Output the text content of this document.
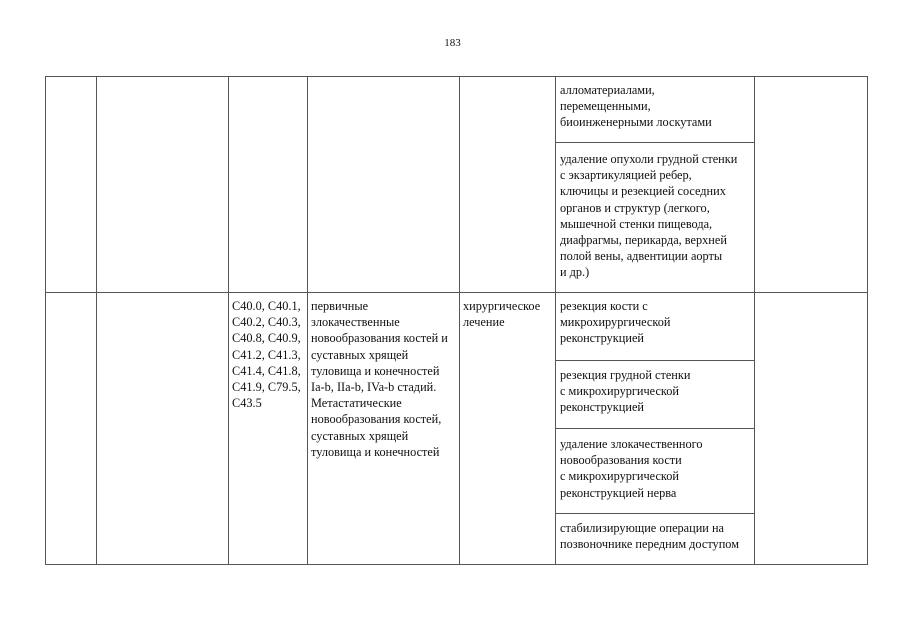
183
алломатериалами,
перемещенными,
биоинженерными лоскутами
удаление опухоли грудной стенки
с экзартикуляцией ребер,
ключицы и резекцией соседних
органов и структур (легкого,
мышечной стенки пищевода,
диафрагмы, перикарда, верхней
полой вены, адвентиции аорты
и др.)
C40.0, C40.1,
C40.2, C40.3,
C40.8, C40.9,
C41.2, C41.3,
C41.4, C41.8,
C41.9, C79.5,
C43.5
первичные
злокачественные
новообразования костей и
суставных хрящей
туловища и конечностей
Ia-b, IIa-b, IVa-b стадий.
Метастатические
новообразования костей,
суставных хрящей
туловища и конечностей
хирургическое
лечение
резекция кости с
микрохирургической
реконструкцией
резекция грудной стенки
с микрохирургической
реконструкцией
удаление злокачественного
новообразования кости
с микрохирургической
реконструкцией нерва
стабилизирующие операции на
позвоночнике передним доступом
